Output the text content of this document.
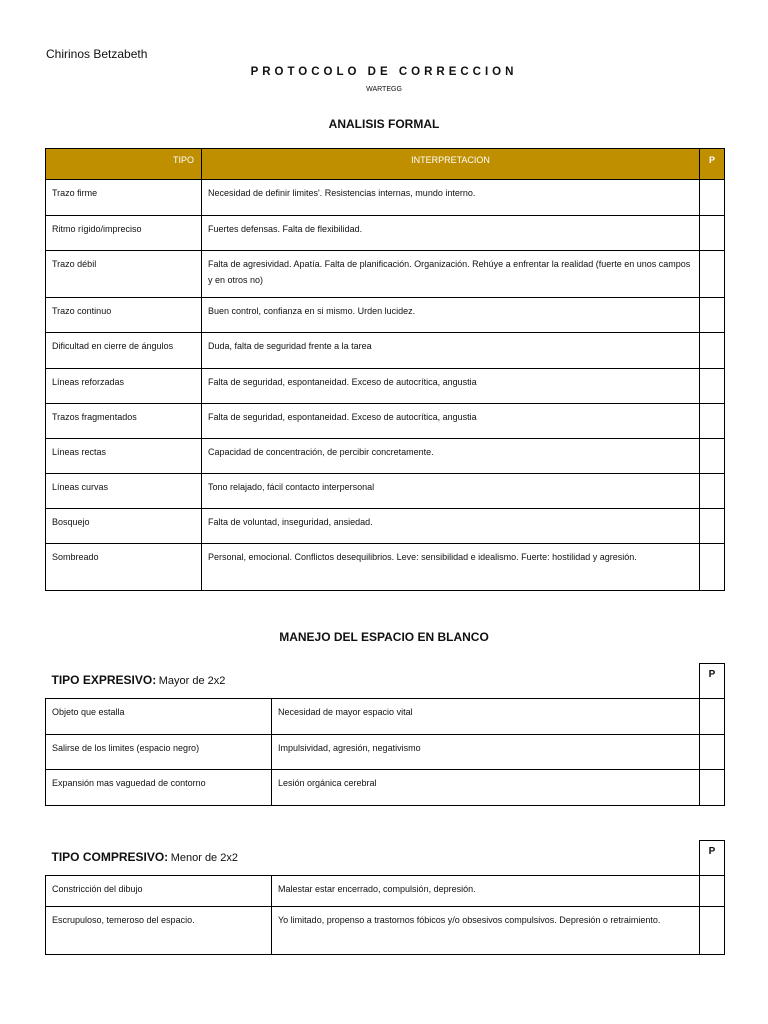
Chirinos Betzabeth
PROTOCOLO DE CORRECCION
WARTEGG
ANALISIS FORMAL
TIPO	INTERPRETACION	P
Trazo firme	Necesidad de definir limites'. Resistencias internas, mundo interno.	
Ritmo rígido/impreciso	Fuertes defensas. Falta de flexibilidad.	
Trazo débil	Falta de agresividad. Apatía. Falta de planificación. Organización. Rehúye a enfrentar la realidad (fuerte en unos campos y en otros no)	
Trazo continuo	Buen control, confianza en si mismo. Urden lucidez.	
Dificultad en cierre de ángulos	Duda, falta de seguridad frente a la tarea	
Líneas reforzadas	Falta de seguridad, espontaneidad. Exceso de autocrítica, angustia	
Trazos fragmentados	Falta de seguridad, espontaneidad. Exceso de autocrítica, angustia	
Líneas rectas	Capacidad de concentración, de percibir concretamente.	
Líneas curvas	Tono relajado, fácil contacto interpersonal	
Bosquejo	Falta de voluntad, inseguridad, ansiedad.	
Sombreado	Personal, emocional. Conflictos desequilibrios. Leve: sensibilidad e idealismo. Fuerte: hostilidad y agresión.	
MANEJO DEL ESPACIO EN BLANCO
TIPO EXPRESIVO: Mayor de 2x2		P
Objeto que estalla	Necesidad de mayor espacio vital	
Salirse de los limites (espacio negro)	Impulsividad, agresión, negativismo	
Expansión mas vaguedad de contorno	Lesión orgánica cerebral	
TIPO COMPRESIVO: Menor de 2x2		P
Constricción del dibujo	Malestar estar encerrado, compulsión, depresión.	
Escrupuloso, temeroso del espacio.	Yo limitado, propenso a trastornos fóbicos y/o obsesivos compulsivos. Depresión o retraimiento.	
